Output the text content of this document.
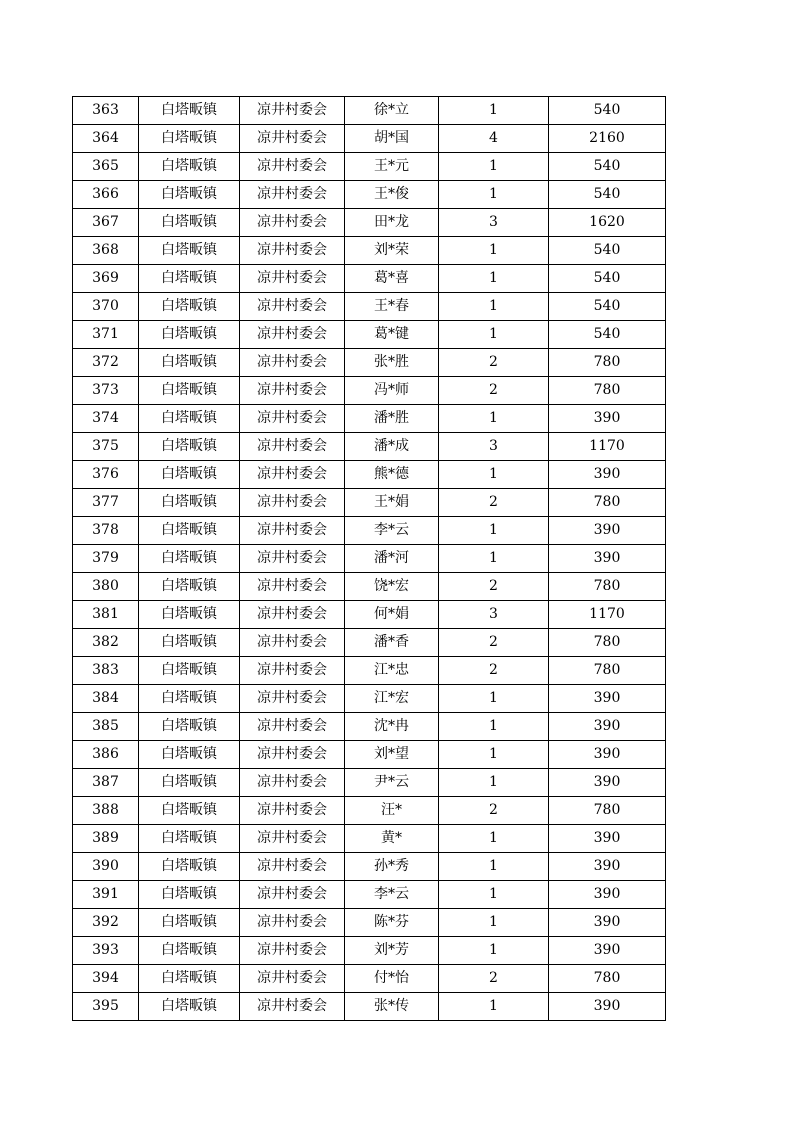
363	白塔畈镇	凉井村委会	徐*立	1	540
364	白塔畈镇	凉井村委会	胡*国	4	2160
365	白塔畈镇	凉井村委会	王*元	1	540
366	白塔畈镇	凉井村委会	王*俊	1	540
367	白塔畈镇	凉井村委会	田*龙	3	1620
368	白塔畈镇	凉井村委会	刘*荣	1	540
369	白塔畈镇	凉井村委会	葛*喜	1	540
370	白塔畈镇	凉井村委会	王*春	1	540
371	白塔畈镇	凉井村委会	葛*键	1	540
372	白塔畈镇	凉井村委会	张*胜	2	780
373	白塔畈镇	凉井村委会	冯*师	2	780
374	白塔畈镇	凉井村委会	潘*胜	1	390
375	白塔畈镇	凉井村委会	潘*成	3	1170
376	白塔畈镇	凉井村委会	熊*德	1	390
377	白塔畈镇	凉井村委会	王*娟	2	780
378	白塔畈镇	凉井村委会	李*云	1	390
379	白塔畈镇	凉井村委会	潘*河	1	390
380	白塔畈镇	凉井村委会	饶*宏	2	780
381	白塔畈镇	凉井村委会	何*娟	3	1170
382	白塔畈镇	凉井村委会	潘*香	2	780
383	白塔畈镇	凉井村委会	江*忠	2	780
384	白塔畈镇	凉井村委会	江*宏	1	390
385	白塔畈镇	凉井村委会	沈*冉	1	390
386	白塔畈镇	凉井村委会	刘*望	1	390
387	白塔畈镇	凉井村委会	尹*云	1	390
388	白塔畈镇	凉井村委会	汪*	2	780
389	白塔畈镇	凉井村委会	黄*	1	390
390	白塔畈镇	凉井村委会	孙*秀	1	390
391	白塔畈镇	凉井村委会	李*云	1	390
392	白塔畈镇	凉井村委会	陈*芬	1	390
393	白塔畈镇	凉井村委会	刘*芳	1	390
394	白塔畈镇	凉井村委会	付*怡	2	780
395	白塔畈镇	凉井村委会	张*传	1	390
